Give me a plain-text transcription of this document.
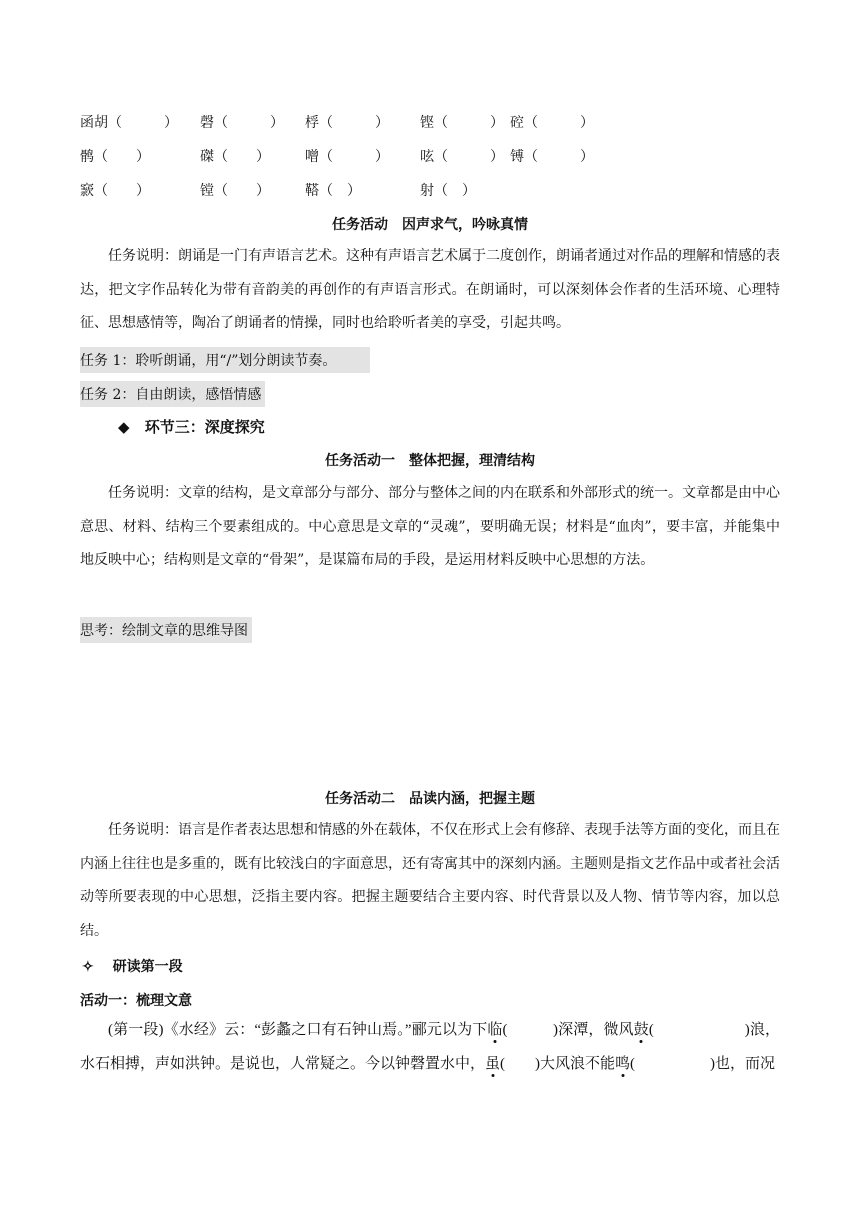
函胡（　　　） 磬（　　　） 桴（　　　） 铿（　　　） 硿（　　　）
鹘（　　）	磔（　　）	噌（　　　） 呟（　　　） 镈（　　　）
窾（　　）	镗（　　）	鞳（　）	射（　）
任务活动　因声求气，吟咏真情
任务说明：朗诵是一门有声语言艺术。这种有声语言艺术属于二度创作，朗诵者通过对作品的理解和情感的表达，把文字作品转化为带有音韵美的再创作的有声语言形式。在朗诵时，可以深刻体会作者的生活环境、心理特征、思想感情等，陶冶了朗诵者的情操，同时也给聆听者美的享受，引起共鸣。
任务 1：聆听朗诵，用“/”划分朗读节奏。
任务 2：自由朗读，感悟情感
◆ 环节三：深度探究
任务活动一　整体把握，理清结构
任务说明：文章的结构，是文章部分与部分、部分与整体之间的内在联系和外部形式的统一。文章都是由中心意思、材料、结构三个要素组成的。中心意思是文章的“灵魂”，要明确无误；材料是“血肉”，要丰富，并能集中地反映中心；结构则是文章的“骨架”，是谋篇布局的手段，是运用材料反映中心思想的方法。
思考：绘制文章的思维导图
任务活动二　品读内涵，把握主题
任务说明：语言是作者表达思想和情感的外在载体，不仅在形式上会有修辞、表现手法等方面的变化，而且在内涵上往往也是多重的，既有比较浅白的字面意思，还有寄寓其中的深刻内涵。主题则是指文艺作品中或者社会活动等所要表现的中心思想，泛指主要内容。把握主题要结合主要内容、时代背景以及人物、情节等内容，加以总结。
✧ 研读第一段
活动一：梳理文意
(第一段)《水经》云：“彭蠡之口有石钟山焉。”郦元以为下临(　　　)深潭，微风鼓(　　　　　　)浪，水石相搏，声如洪钟。是说也，人常疑之。今以钟磬置水中，虽(　　)大风浪不能鸣(　　　　　)也，而况
